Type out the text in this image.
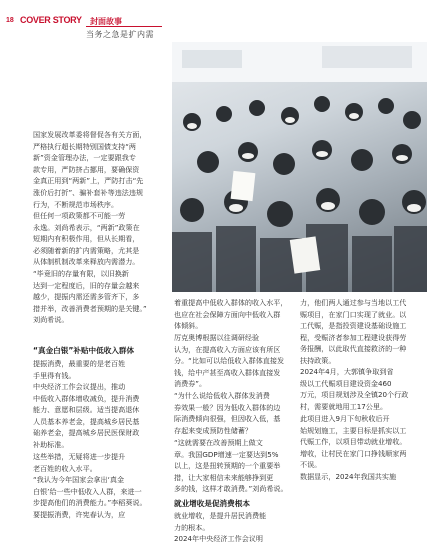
18 COVER STORY 封面故事
当务之急是扩内需

国家发展改革委将督促各有关方面，
严格执行超长期特别国债支持“两
新”资金管理办法，一定要跟我专
款专用，严防挤占挪用，要确保资
金真正用到“两新”上，严防打击“先
涨价后打折”、骗补套补等违法违规
行为，不断规范市场秩序。

但任何一项政策都不可能一劳
永逸。刘尚希表示，“两新”政策在
短期内有积极作用，但从长期看，
必须随着新的扩内需策略，尤其是
从体制机制改革来释放内需潜力。

“毕竟旧的存量有限，以旧换新
达到一定程度后，旧的存量会越来
越少，提振内需还需多管齐下，多
措并举，改善消费者预期的是关键。”
刘尚希说。

“真金白银”补贴中低收入群体

提振消费，最重要的是老百姓
手里得有钱。

中央经济工作会议提出，推动
中低收入群体增收减负，提升消费
能力、意愿和层级。适当提高退休
人员基本养老金，提高城乡居民基
础养老金，提高城乡居民医保财政
补助标准。

这些举措，无疑将进一步提升
老百姓的收入水平。

“我认为今年国家会拿出‘真金
白银’给一些中低收入人群，来进一
步提高他们的消费能力。”李稻葵说。

要提振消费，许宪春认为，应

着重提高中低收入群体的收入水平，
也应在社会保障方面向中低收入群
体倾斜。

厉克奥博根据以往调研经验
认为，在提高收入方面应该有所区
分。“比如可以给低收入群体直接发
钱，给中产甚至高收入群体直接发
消费券”。

“为什么说给低收入群体发消费
券效果一般？因为低收入群体的边
际消费倾向很强，但因收入低，基

存起来变成预防性储蓄？

“这就需要在改善预期上做文
章。我国GDP增速一定要达到5%
以上，这是扭转预期的一个重要举
措，让大家相信未来能够挣到更
多的钱，这样才敢消费。”刘尚希说。

就业增收是促消费根本

就业增收，是提升居民消费能
力的根本。

2024年中央经济工作会议明

力，他们两人通过参与当地以工代
赈项目，在家门口实现了就业。以
工代赈，是指投资建设基础设施工
程，受赈济者参加工程建设获得劳
务报酬，以此取代直接救济的一种
扶持政策。

2024年4月，大郭镇争取到省
级以工代赈项目建设资金460
万元，项目规划涉及全镇20个行政
村，需要就地用工17公里。

此项目进入9月下旬秋收后开
始规划施工，主要目标是抓实以工
代赈工作，以项目带动就业增收。
增收，让村民在家门口挣钱顺家两
不误。

数据显示，2024年我国共实施
